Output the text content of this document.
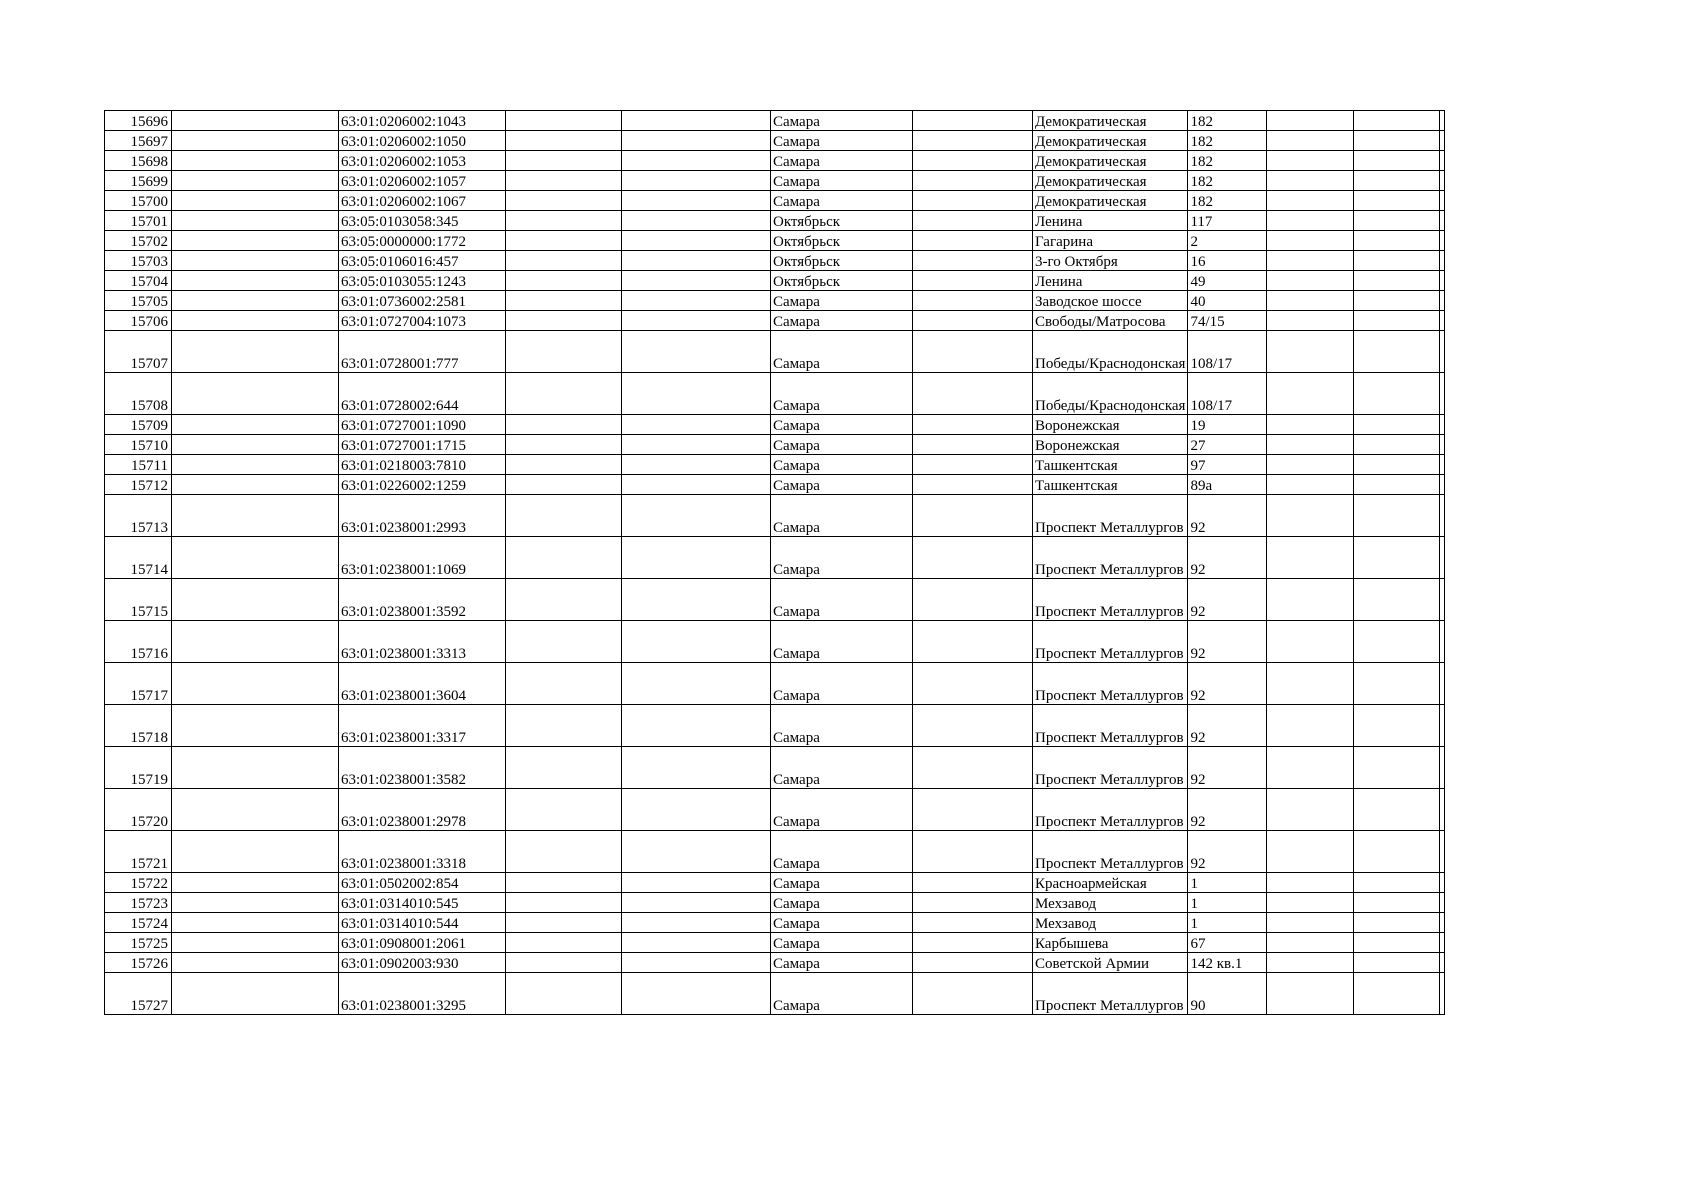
15696		63:01:0206002:1043			Самара		Демократическая	182			
15697		63:01:0206002:1050			Самара		Демократическая	182			
15698		63:01:0206002:1053			Самара		Демократическая	182			
15699		63:01:0206002:1057			Самара		Демократическая	182			
15700		63:01:0206002:1067			Самара		Демократическая	182			
15701		63:05:0103058:345			Октябрьск		Ленина	117			
15702		63:05:0000000:1772			Октябрьск		Гагарина	2			
15703		63:05:0106016:457			Октябрьск		3-го Октября	16			
15704		63:05:0103055:1243			Октябрьск		Ленина	49			
15705		63:01:0736002:2581			Самара		Заводское шоссе	40			
15706		63:01:0727004:1073			Самара		Свободы/Матросова	74/15			
15707		63:01:0728001:777			Самара		Победы/Краснодонская	108/17			
15708		63:01:0728002:644			Самара		Победы/Краснодонская	108/17			
15709		63:01:0727001:1090			Самара		Воронежская	19			
15710		63:01:0727001:1715			Самара		Воронежская	27			
15711		63:01:0218003:7810			Самара		Ташкентская	97			
15712		63:01:0226002:1259			Самара		Ташкентская	89а			
15713		63:01:0238001:2993			Самара		Проспект Металлургов	92			
15714		63:01:0238001:1069			Самара		Проспект Металлургов	92			
15715		63:01:0238001:3592			Самара		Проспект Металлургов	92			
15716		63:01:0238001:3313			Самара		Проспект Металлургов	92			
15717		63:01:0238001:3604			Самара		Проспект Металлургов	92			
15718		63:01:0238001:3317			Самара		Проспект Металлургов	92			
15719		63:01:0238001:3582			Самара		Проспект Металлургов	92			
15720		63:01:0238001:2978			Самара		Проспект Металлургов	92			
15721		63:01:0238001:3318			Самара		Проспект Металлургов	92			
15722		63:01:0502002:854			Самара		Красноармейская	1			
15723		63:01:0314010:545			Самара		Мехзавод	1			
15724		63:01:0314010:544			Самара		Мехзавод	1			
15725		63:01:0908001:2061			Самара		Карбышева	67			
15726		63:01:0902003:930			Самара		Советской Армии	142 кв.1			
15727		63:01:0238001:3295			Самара		Проспект Металлургов	90			
